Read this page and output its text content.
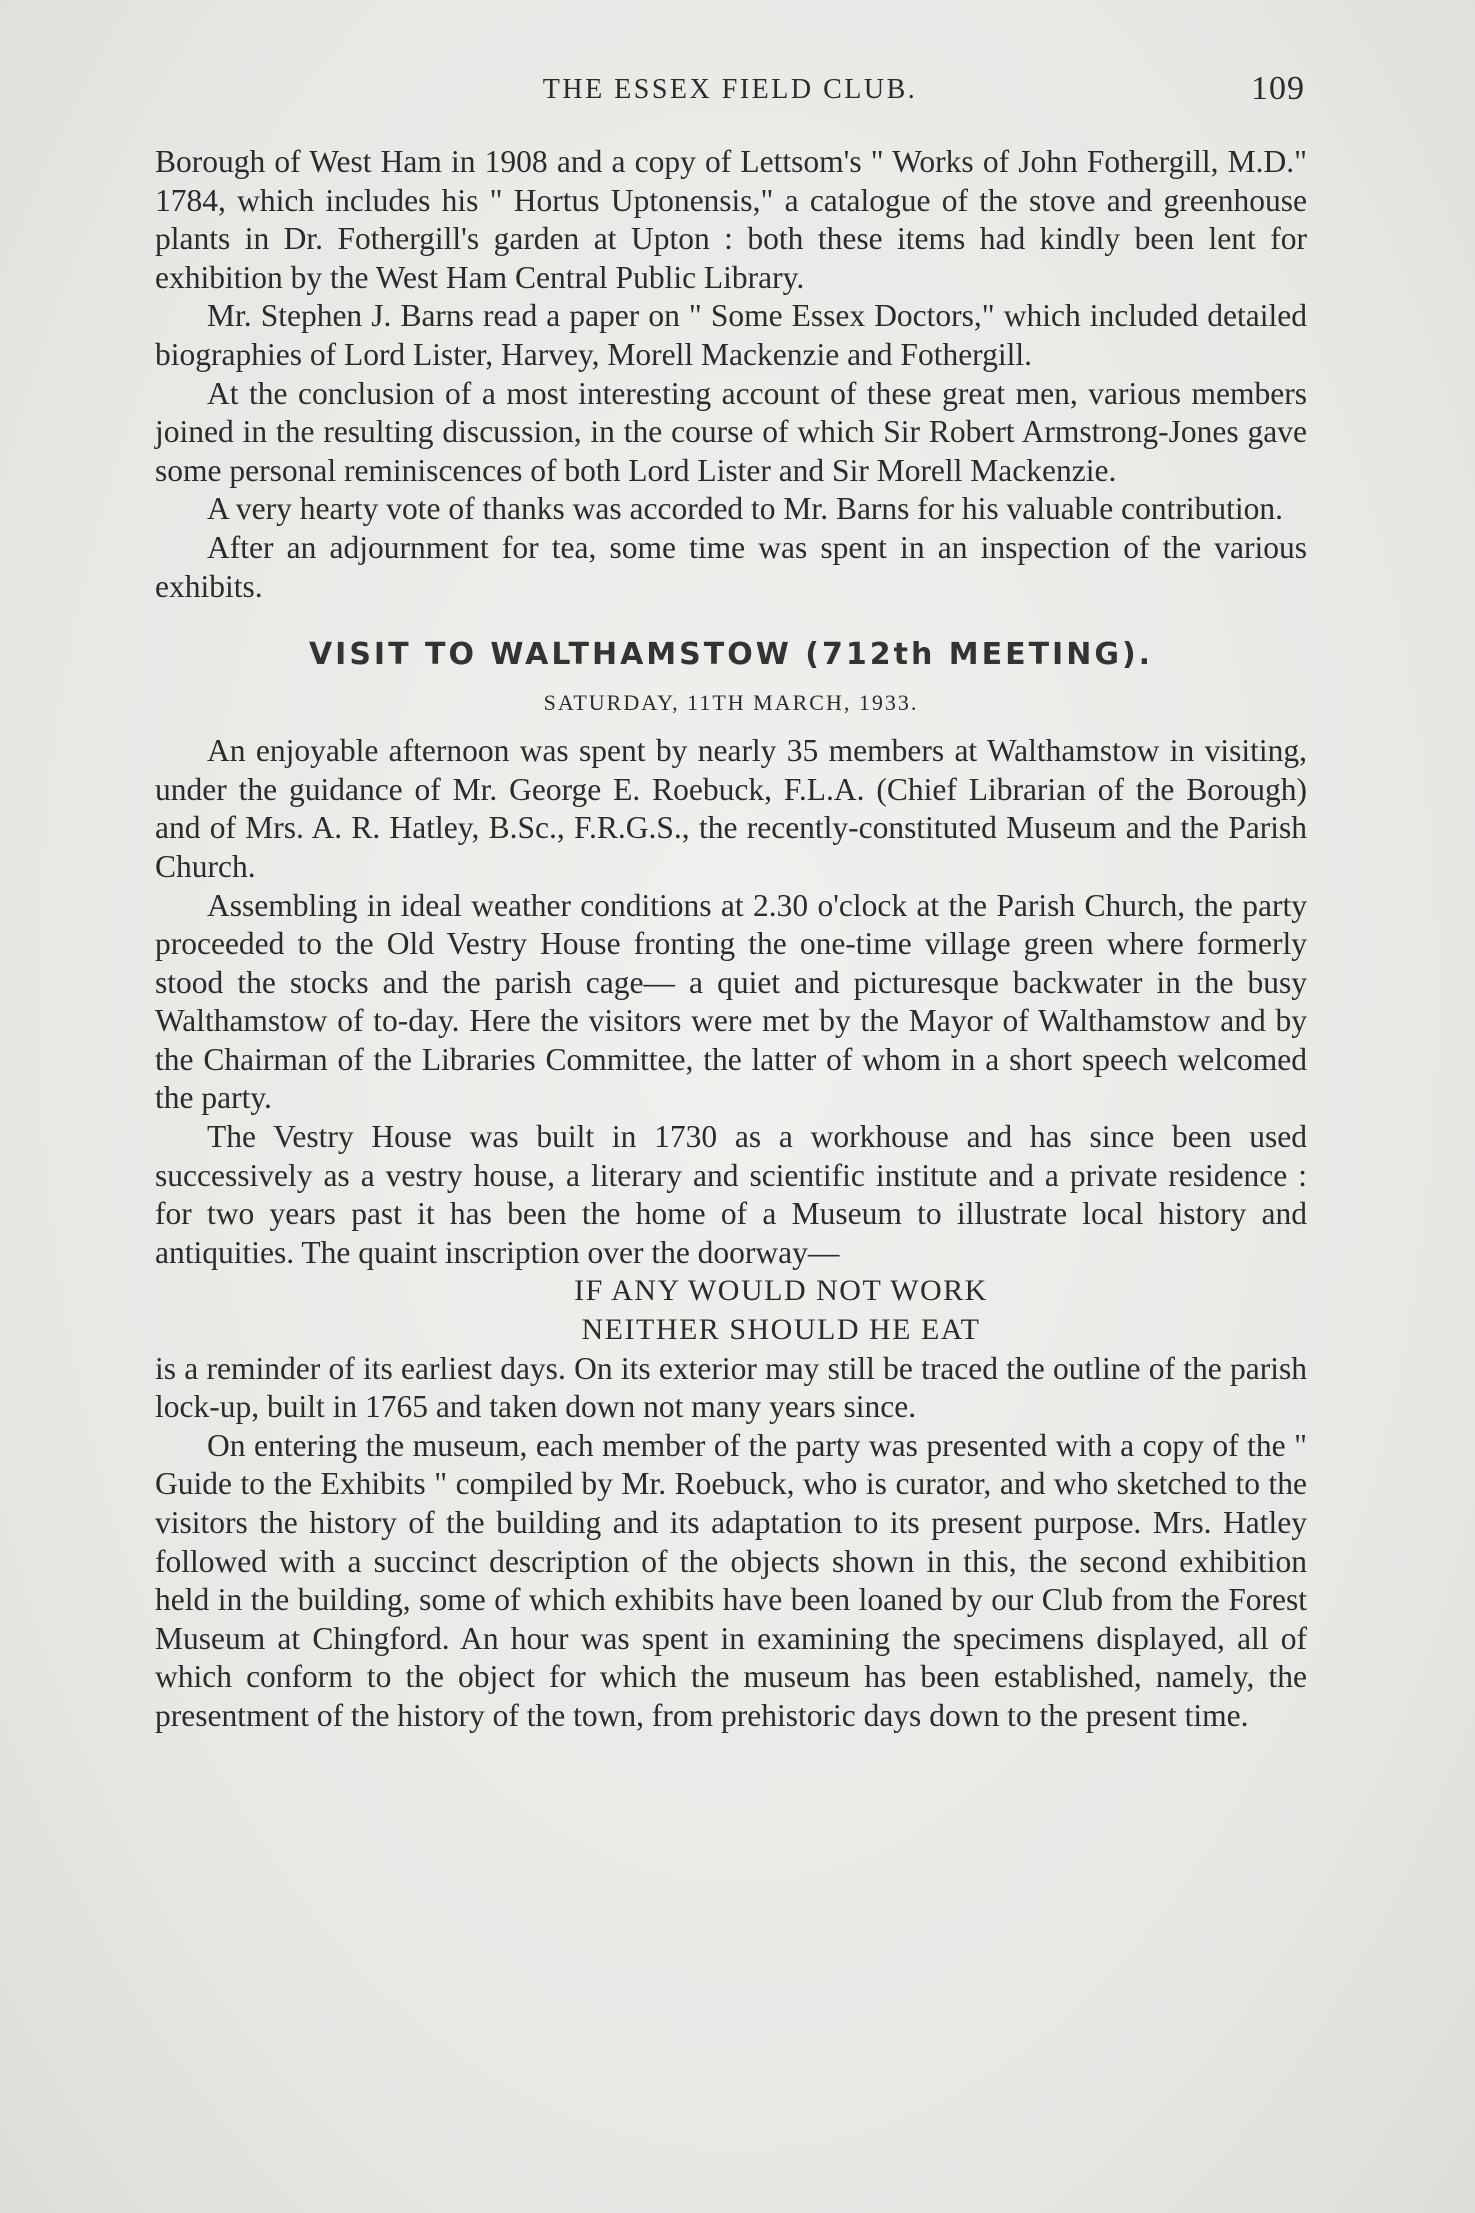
THE ESSEX FIELD CLUB.	109

Borough of West Ham in 1908 and a copy of Lettsom's " Works of John Fothergill, M.D." 1784, which includes his " Hortus Uptonensis," a catalogue of the stove and greenhouse plants in Dr. Fothergill's garden at Upton : both these items had kindly been lent for exhibition by the West Ham Central Public Library.

Mr. Stephen J. Barns read a paper on " Some Essex Doctors," which included detailed biographies of Lord Lister, Harvey, Morell Mackenzie and Fothergill.

At the conclusion of a most interesting account of these great men, various members joined in the resulting discussion, in the course of which Sir Robert Armstrong-Jones gave some personal reminiscences of both Lord Lister and Sir Morell Mackenzie.

A very hearty vote of thanks was accorded to Mr. Barns for his valuable contribution.

After an adjournment for tea, some time was spent in an inspection of the various exhibits.

VISIT TO WALTHAMSTOW (712th MEETING).
SATURDAY, 11TH MARCH, 1933.

An enjoyable afternoon was spent by nearly 35 members at Walthamstow in visiting, under the guidance of Mr. George E. Roebuck, F.L.A. (Chief Librarian of the Borough) and of Mrs. A. R. Hatley, B.Sc., F.R.G.S., the recently-constituted Museum and the Parish Church.

Assembling in ideal weather conditions at 2.30 o'clock at the Parish Church, the party proceeded to the Old Vestry House fronting the one-time village green where formerly stood the stocks and the parish cage— a quiet and picturesque backwater in the busy Walthamstow of to-day. Here the visitors were met by the Mayor of Walthamstow and by the Chairman of the Libraries Committee, the latter of whom in a short speech welcomed the party.

The Vestry House was built in 1730 as a workhouse and has since been used successively as a vestry house, a literary and scientific institute and a private residence : for two years past it has been the home of a Museum to illustrate local history and antiquities. The quaint inscription over the doorway—

IF ANY WOULD NOT WORK
NEITHER SHOULD HE EAT

is a reminder of its earliest days. On its exterior may still be traced the outline of the parish lock-up, built in 1765 and taken down not many years since.

On entering the museum, each member of the party was presented with a copy of the " Guide to the Exhibits " compiled by Mr. Roebuck, who is curator, and who sketched to the visitors the history of the building and its adaptation to its present purpose. Mrs. Hatley followed with a succinct description of the objects shown in this, the second exhibition held in the building, some of which exhibits have been loaned by our Club from the Forest Museum at Chingford. An hour was spent in examining the specimens displayed, all of which conform to the object for which the museum has been established, namely, the presentment of the history of the town, from prehistoric days down to the present time.
